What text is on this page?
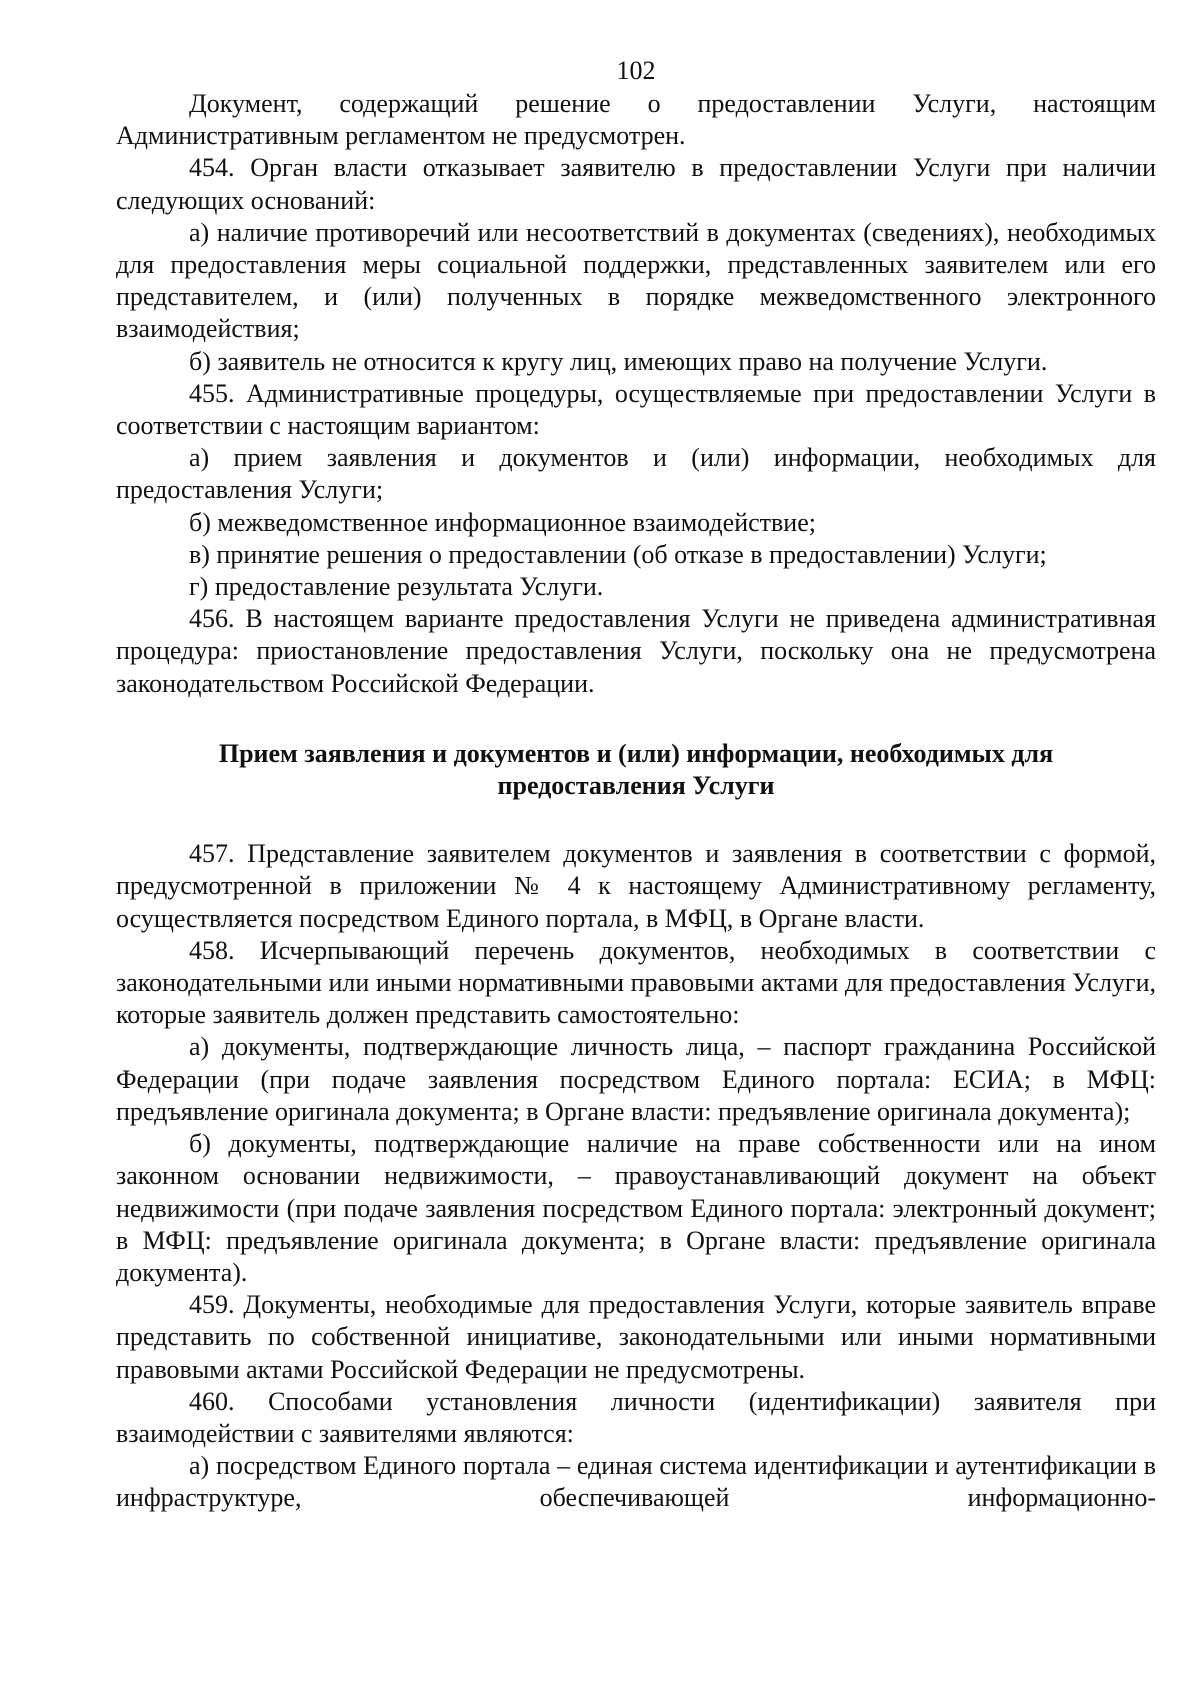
102

Документ, содержащий решение о предоставлении Услуги, настоящим Административным регламентом не предусмотрен.

454. Орган власти отказывает заявителю в предоставлении Услуги при наличии следующих оснований:

а) наличие противоречий или несоответствий в документах (сведениях), необходимых для предоставления меры социальной поддержки, представленных заявителем или его представителем, и (или) полученных в порядке межведомственного электронного взаимодействия;

б) заявитель не относится к кругу лиц, имеющих право на получение Услуги.

455. Административные процедуры, осуществляемые при предоставлении Услуги в соответствии с настоящим вариантом:

а) прием заявления и документов и (или) информации, необходимых для предоставления Услуги;

б) межведомственное информационное взаимодействие;

в) принятие решения о предоставлении (об отказе в предоставлении) Услуги;

г) предоставление результата Услуги.

456. В настоящем варианте предоставления Услуги не приведена административная процедура: приостановление предоставления Услуги, поскольку она не предусмотрена законодательством Российской Федерации.

Прием заявления и документов и (или) информации, необходимых для
предоставления Услуги

457. Представление заявителем документов и заявления в соответствии с формой, предусмотренной в приложении № 4 к настоящему Административному регламенту, осуществляется посредством Единого портала, в МФЦ, в Органе власти.

458. Исчерпывающий перечень документов, необходимых в соответствии с законодательными или иными нормативными правовыми актами для предоставления Услуги, которые заявитель должен представить самостоятельно:

а) документы, подтверждающие личность лица, – паспорт гражданина Российской Федерации (при подаче заявления посредством Единого портала: ЕСИА; в МФЦ: предъявление оригинала документа; в Органе власти: предъявление оригинала документа);

б) документы, подтверждающие наличие на праве собственности или на ином законном основании недвижимости, – правоустанавливающий документ на объект недвижимости (при подаче заявления посредством Единого портала: электронный документ; в МФЦ: предъявление оригинала документа; в Органе власти: предъявление оригинала документа).

459. Документы, необходимые для предоставления Услуги, которые заявитель вправе представить по собственной инициативе, законодательными или иными нормативными правовыми актами Российской Федерации не предусмотрены.

460. Способами установления личности (идентификации) заявителя при взаимодействии с заявителями являются:

а) посредством Единого портала – единая система идентификации и аутентификации в инфраструктуре, обеспечивающей информационно-
